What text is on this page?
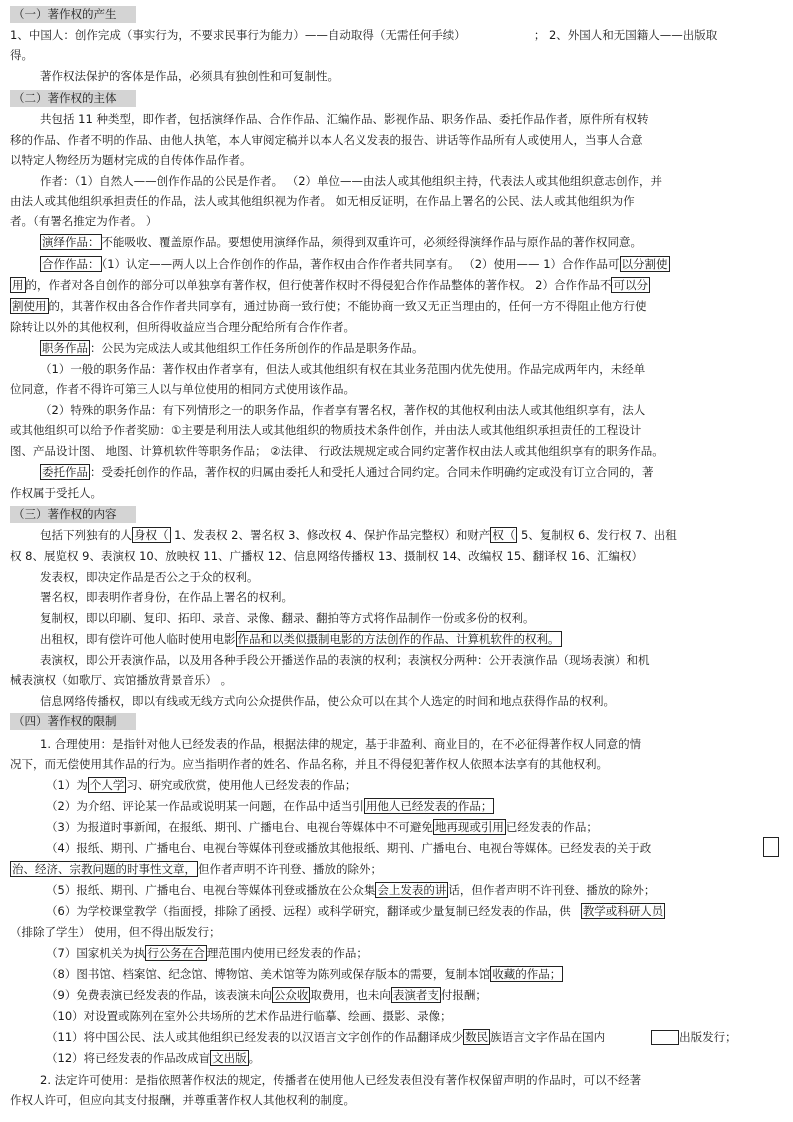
（一）著作权的产生
1、中国人：创作完成（事实行为，不要求民事行为能力）——自动取得（无需任何手续）	； 2、外国人和无国籍人——出版取
得。
著作权法保护的客体是作品，必须具有独创性和可复制性。
（二）著作权的主体
共包括 11 种类型，即作者，包括演绎作品、合作作品、汇编作品、影视作品、职务作品、委托作品作者，原件所有权转
移的作品、作者不明的作品、由他人执笔，本人审阅定稿并以本人名义发表的报告、讲话等作品所有人或使用人，当事人合意
以特定人物经历为题材完成的自传体作品作者。
作者：（1）自然人——创作作品的公民是作者。 （2）单位——由法人或其他组织主持，代表法人或其他组织意志创作，并
由法人或其他组织承担责任的作品，法人或其他组织视为作者。 如无相反证明，在作品上署名的公民、法人或其他组织为作
者。（有署名推定为作者。 ）
演绎作品： 不能吸收、覆盖原作品。要想使用演绎作品，须得到双重许可，必须经得演绎作品与原作品的著作权同意。
合作作品： （1）认定——两人以上合作创作的作品，著作权由合作作者共同享有。 （2）使用—— 1）合作作品可 以分割使
用 的，作者对各自创作的部分可以单独享有著作权，但行使著作权时不得侵犯合作作品整体的著作权。 2）合作作品不 可以分
割使用 的，其著作权由各合作作者共同享有，通过协商一致行使；不能协商一致又无正当理由的，任何一方不得阻止他方行使
除转让以外的其他权利，但所得收益应当合理分配给所有合作作者。
职务作品 ：公民为完成法人或其他组织工作任务所创作的作品是职务作品。
（1）一般的职务作品：著作权由作者享有，但法人或其他组织有权在其业务范围内优先使用。作品完成两年内，未经单
位同意，作者不得许可第三人以与单位使用的相同方式使用该作品。
（2）特殊的职务作品：有下列情形之一的职务作品，作者享有署名权，著作权的其他权利由法人或其他组织享有，法人
或其他组织可以给予作者奖励：①主要是利用法人或其他组织的物质技术条件创作，并由法人或其他组织承担责任的工程设计
图、产品设计图、 地图、计算机软件等职务作品； ②法律、 行政法规规定或合同约定著作权由法人或其他组织享有的职务作品。
委托作品 ：受委托创作的作品，著作权的归属由委托人和受托人通过合同约定。合同未作明确约定或没有订立合同的，著
作权属于受托人。
（三）著作权的内容
包括下列独有的人 身权（ 1、发表权 2、署名权 3、修改权 4、保护作品完整权）和财产 权（ 5、复制权 6、发行权 7、出租
权 8、展览权 9、表演权 10、放映权 11、广播权 12、信息网络传播权 13、摄制权 14、改编权 15、翻译权 16、汇编权）
发表权，即决定作品是否公之于众的权利。
署名权，即表明作者身份，在作品上署名的权利。
复制权，即以印刷、复印、拓印、录音、录像、翻录、翻拍等方式将作品制作一份或多份的权利。
出租权，即有偿许可他人临时使用电影 作品和以类似摄制电影的方法创作的作品、计算机软件的权利。
表演权，即公开表演作品，以及用各种手段公开播送作品的表演的权利；表演权分两种：公开表演作品（现场表演）和机
械表演权（如歌厅、宾馆播放背景音乐） 。
信息网络传播权，即以有线或无线方式向公众提供作品，使公众可以在其个人选定的时间和地点获得作品的权利。
（四）著作权的限制
1. 合理使用：是指针对他人已经发表的作品，根据法律的规定，基于非盈利、商业目的，在不必征得著作权人同意的情
况下，而无偿使用其作品的行为。应当指明作者的姓名、作品名称，并且不得侵犯著作权人依照本法享有的其他权利。
（1）为 个人学 习、研究或欣赏，使用他人已经发表的作品；
（2）为介绍、评论某一作品或说明某一问题，在作品中适当引 用他人已经发表的作品；
（3）为报道时事新闻，在报纸、期刊、广播电台、电视台等媒体中不可避免 地再现或引用 已经发表的作品；
（4）报纸、期刊、广播电台、电视台等媒体刊登或播放其他报纸、期刊、广播电台、电视台等媒体。已经发表的关于政
治、经济、宗教问题的时事性文章， 但作者声明不许刊登、播放的除外；
（5）报纸、期刊、广播电台、电视台等媒体刊登或播放在公众集 会上发表的讲 话，但作者声明不许刊登、播放的除外；
（6）为学校课堂教学（指面授，排除了函授、远程）或科学研究，翻译或少量复制已经发表的作品，供 教学或科研人员
（排除了学生） 使用，但不得出版发行；
（7）国家机关为执 行公务在合 理范围内使用已经发表的作品；
（8）图书馆、档案馆、纪念馆、博物馆、美术馆等为陈列或保存版本的需要，复制本馆 收藏的作品；
（9）免费表演已经发表的作品，该表演未向 公众收 取费用，也未向 表演者支 付报酬；
（10）对设置或陈列在室外公共场所的艺术作品进行临摹、绘画、摄影、录像；
（11）将中国公民、法人或其他组织已经发表的以汉语言文字创作的作品翻译成少 数民 族语言文字作品在国内	出版发行；
（12）将已经发表的作品改成盲 文出版 。
2. 法定许可使用：是指依照著作权法的规定，传播者在使用他人已经发表但没有著作权保留声明的作品时，可以不经著
作权人许可，但应向其支付报酬，并尊重著作权人其他权利的制度。
